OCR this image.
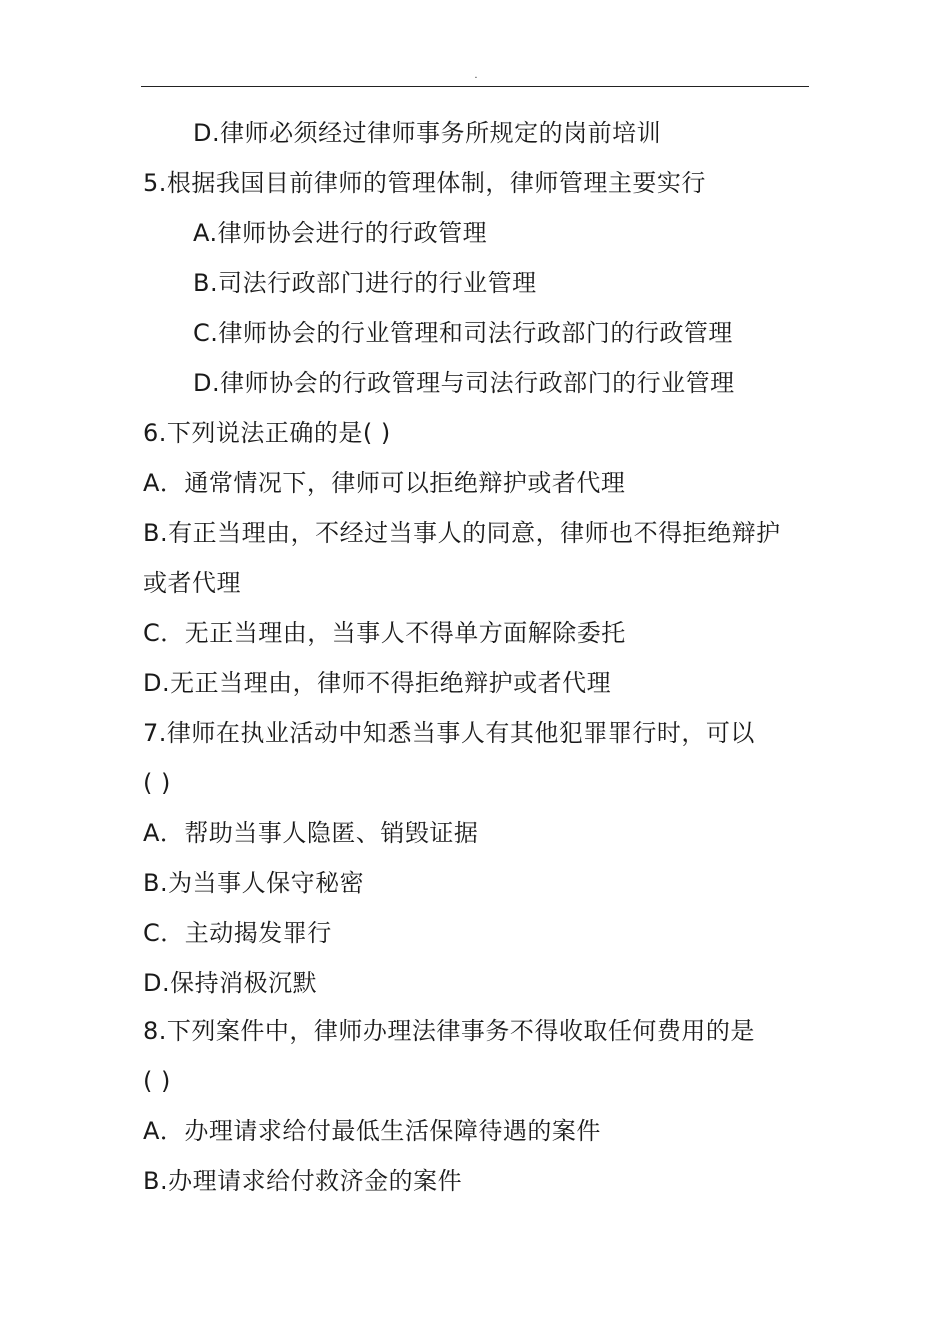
.
D.律师必须经过律师事务所规定的岗前培训
5.根据我国目前律师的管理体制，律师管理主要实行
A.律师协会进行的行政管理
B.司法行政部门进行的行业管理
C.律师协会的行业管理和司法行政部门的行政管理
D.律师协会的行政管理与司法行政部门的行业管理
6.下列说法正确的是( )
A．通常情况下，律师可以拒绝辩护或者代理
B.有正当理由，不经过当事人的同意，律师也不得拒绝辩护
或者代理
C．无正当理由，当事人不得单方面解除委托
D.无正当理由，律师不得拒绝辩护或者代理
7.律师在执业活动中知悉当事人有其他犯罪罪行时，可以
( )
A．帮助当事人隐匿、销毁证据
B.为当事人保守秘密
C．主动揭发罪行
D.保持消极沉默
8.下列案件中，律师办理法律事务不得收取任何费用的是
( )
A．办理请求给付最低生活保障待遇的案件
B.办理请求给付救济金的案件
